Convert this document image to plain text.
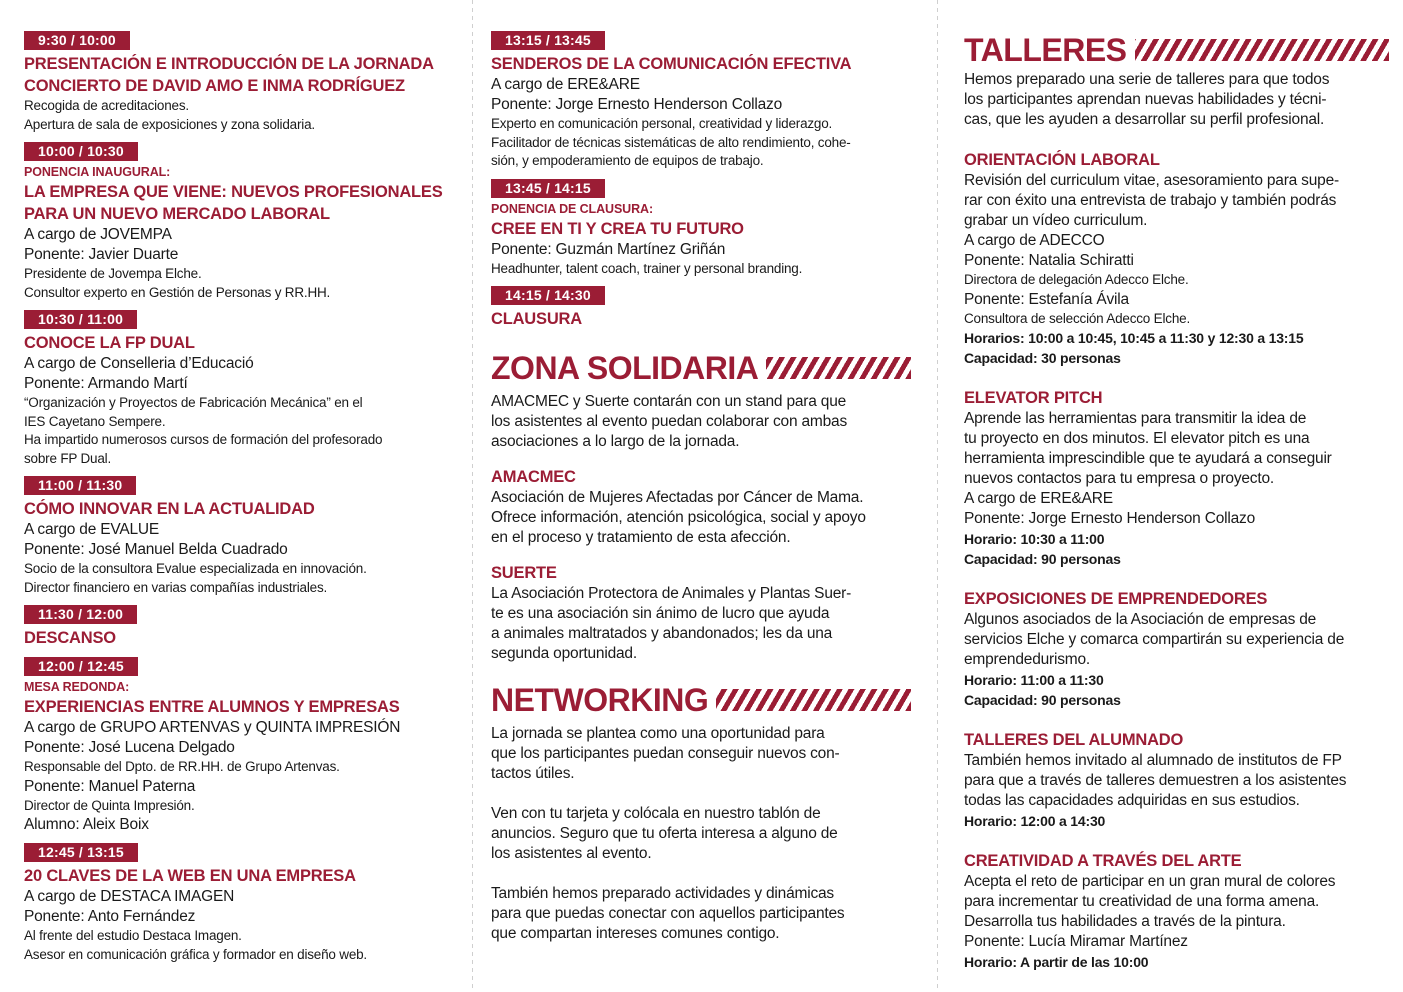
9:30 / 10:00
PRESENTACIÓN E INTRODUCCIÓN DE LA JORNADA
CONCIERTO DE DAVID AMO E INMA RODRÍGUEZ
Recogida de acreditaciones.
Apertura de sala de exposiciones y zona solidaria.
10:00 / 10:30
PONENCIA INAUGURAL:
LA EMPRESA QUE VIENE: NUEVOS PROFESIONALES
PARA UN NUEVO MERCADO LABORAL
A cargo de JOVEMPA
Ponente: Javier Duarte
Presidente de Jovempa Elche.
Consultor experto en Gestión de Personas y RR.HH.
10:30 / 11:00
CONOCE LA FP DUAL
A cargo de Conselleria d’Educació
Ponente: Armando Martí
“Organización y Proyectos de Fabricación Mecánica” en el
IES Cayetano Sempere.
Ha impartido numerosos cursos de formación del profesorado
sobre FP Dual.
11:00 / 11:30
CÓMO INNOVAR EN LA ACTUALIDAD
A cargo de EVALUE
Ponente: José Manuel Belda Cuadrado
Socio de la consultora Evalue especializada en innovación.
Director financiero en varias compañías industriales.
11:30 / 12:00
DESCANSO
12:00 / 12:45
MESA REDONDA:
EXPERIENCIAS ENTRE ALUMNOS Y EMPRESAS
A cargo de GRUPO ARTENVAS y QUINTA IMPRESIÓN
Ponente: José Lucena Delgado
Responsable del Dpto. de RR.HH. de Grupo Artenvas.
Ponente: Manuel Paterna
Director de Quinta Impresión.
Alumno: Aleix Boix
12:45 / 13:15
20 CLAVES DE LA WEB EN UNA EMPRESA
A cargo de DESTACA IMAGEN
Ponente: Anto Fernández
Al frente del estudio Destaca Imagen.
Asesor en comunicación gráfica y formador en diseño web.
13:15 / 13:45
SENDEROS DE LA COMUNICACIÓN EFECTIVA
A cargo de ERE&ARE
Ponente: Jorge Ernesto Henderson Collazo
Experto en comunicación personal, creatividad y liderazgo.
Facilitador de técnicas sistemáticas de alto rendimiento, cohe-
sión, y empoderamiento de equipos de trabajo.
13:45 / 14:15
PONENCIA DE CLAUSURA:
CREE EN TI Y CREA TU FUTURO
Ponente: Guzmán Martínez Griñán
Headhunter, talent coach, trainer y personal branding.
14:15 / 14:30
CLAUSURA
ZONA SOLIDARIA
AMACMEC y Suerte contarán con un stand para que
los asistentes al evento puedan colaborar con ambas
asociaciones a lo largo de la jornada.
AMACMEC
Asociación de Mujeres Afectadas por Cáncer de Mama.
Ofrece información, atención psicológica, social y apoyo
en el proceso y tratamiento de esta afección.
SUERTE
La Asociación Protectora de Animales y Plantas Suer-
te es una asociación sin ánimo de lucro que ayuda
a animales maltratados y abandonados; les da una
segunda oportunidad.
NETWORKING
La jornada se plantea como una oportunidad para
que los participantes puedan conseguir nuevos con-
tactos útiles.
Ven con tu tarjeta y colócala en nuestro tablón de
anuncios. Seguro que tu oferta interesa a alguno de
los asistentes al evento.
También hemos preparado actividades y dinámicas
para que puedas conectar con aquellos participantes
que compartan intereses comunes contigo.
TALLERES
Hemos preparado una serie de talleres para que todos
los participantes aprendan nuevas habilidades y técni-
cas, que les ayuden a desarrollar su perfil profesional.
ORIENTACIÓN LABORAL
Revisión del curriculum vitae, asesoramiento para supe-
rar con éxito una entrevista de trabajo y también podrás
grabar un vídeo curriculum.
A cargo de ADECCO
Ponente: Natalia Schiratti
Directora de delegación Adecco Elche.
Ponente: Estefanía Ávila
Consultora de selección Adecco Elche.
Horarios: 10:00 a 10:45, 10:45 a 11:30 y 12:30 a 13:15
Capacidad: 30 personas
ELEVATOR PITCH
Aprende las herramientas para transmitir la idea de
tu proyecto en dos minutos. El elevator pitch es una
herramienta imprescindible que te ayudará a conseguir
nuevos contactos para tu empresa o proyecto.
A cargo de ERE&ARE
Ponente: Jorge Ernesto Henderson Collazo
Horario: 10:30 a 11:00
Capacidad: 90 personas
EXPOSICIONES DE EMPRENDEDORES
Algunos asociados de la Asociación de empresas de
servicios Elche y comarca compartirán su experiencia de
emprendedurismo.
Horario: 11:00 a 11:30
Capacidad: 90 personas
TALLERES DEL ALUMNADO
También hemos invitado al alumnado de institutos de FP
para que a través de talleres demuestren a los asistentes
todas las capacidades adquiridas en sus estudios.
Horario: 12:00 a 14:30
CREATIVIDAD A TRAVÉS DEL ARTE
Acepta el reto de participar en un gran mural de colores
para incrementar tu creatividad de una forma amena.
Desarrolla tus habilidades a través de la pintura.
Ponente: Lucía Miramar Martínez
Horario: A partir de las 10:00
